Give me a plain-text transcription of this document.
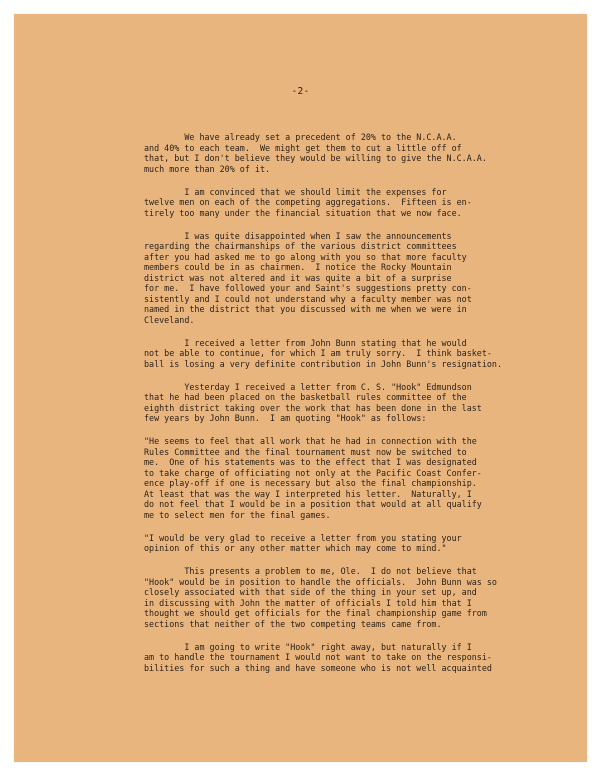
-2-
We have already set a precedent of 20% to the N.C.A.A.
and 40% to each team.  We might get them to cut a little off of
that, but I don't believe they would be willing to give the N.C.A.A.
much more than 20% of it.
I am convinced that we should limit the expenses for
twelve men on each of the competing aggregations.  Fifteen is en-
tirely too many under the financial situation that we now face.
I was quite disappointed when I saw the announcements
regarding the chairmanships of the various district committees
after you had asked me to go along with you so that more faculty
members could be in as chairmen.  I notice the Rocky Mountain
district was not altered and it was quite a bit of a surprise
for me.  I have followed your and Saint's suggestions pretty con-
sistently and I could not understand why a faculty member was not
named in the district that you discussed with me when we were in
Cleveland.
I received a letter from John Bunn stating that he would
not be able to continue, for which I am truly sorry.  I think basket-
ball is losing a very definite contribution in John Bunn's resignation.
Yesterday I received a letter from C. S. "Hook" Edmundson
that he had been placed on the basketball rules committee of the
eighth district taking over the work that has been done in the last
few years by John Bunn.  I am quoting "Hook" as follows:
"He seems to feel that all work that he had in connection with the
Rules Committee and the final tournament must now be switched to
me.  One of his statements was to the effect that I was designated
to take charge of officiating not only at the Pacific Coast Confer-
ence play-off if one is necessary but also the final championship.
At least that was the way I interpreted his letter.  Naturally, I
do not feel that I would be in a position that would at all qualify
me to select men for the final games.
"I would be very glad to receive a letter from you stating your
opinion of this or any other matter which may come to mind."
This presents a problem to me, Ole.  I do not believe that
"Hook" would be in position to handle the officials.  John Bunn was so
closely associated with that side of the thing in your set up, and
in discussing with John the matter of officials I told him that I
thought we should get officials for the final championship game from
sections that neither of the two competing teams came from.
I am going to write "Hook" right away, but naturally if I
am to handle the tournament I would not want to take on the responsi-
bilities for such a thing and have someone who is not well acquainted
